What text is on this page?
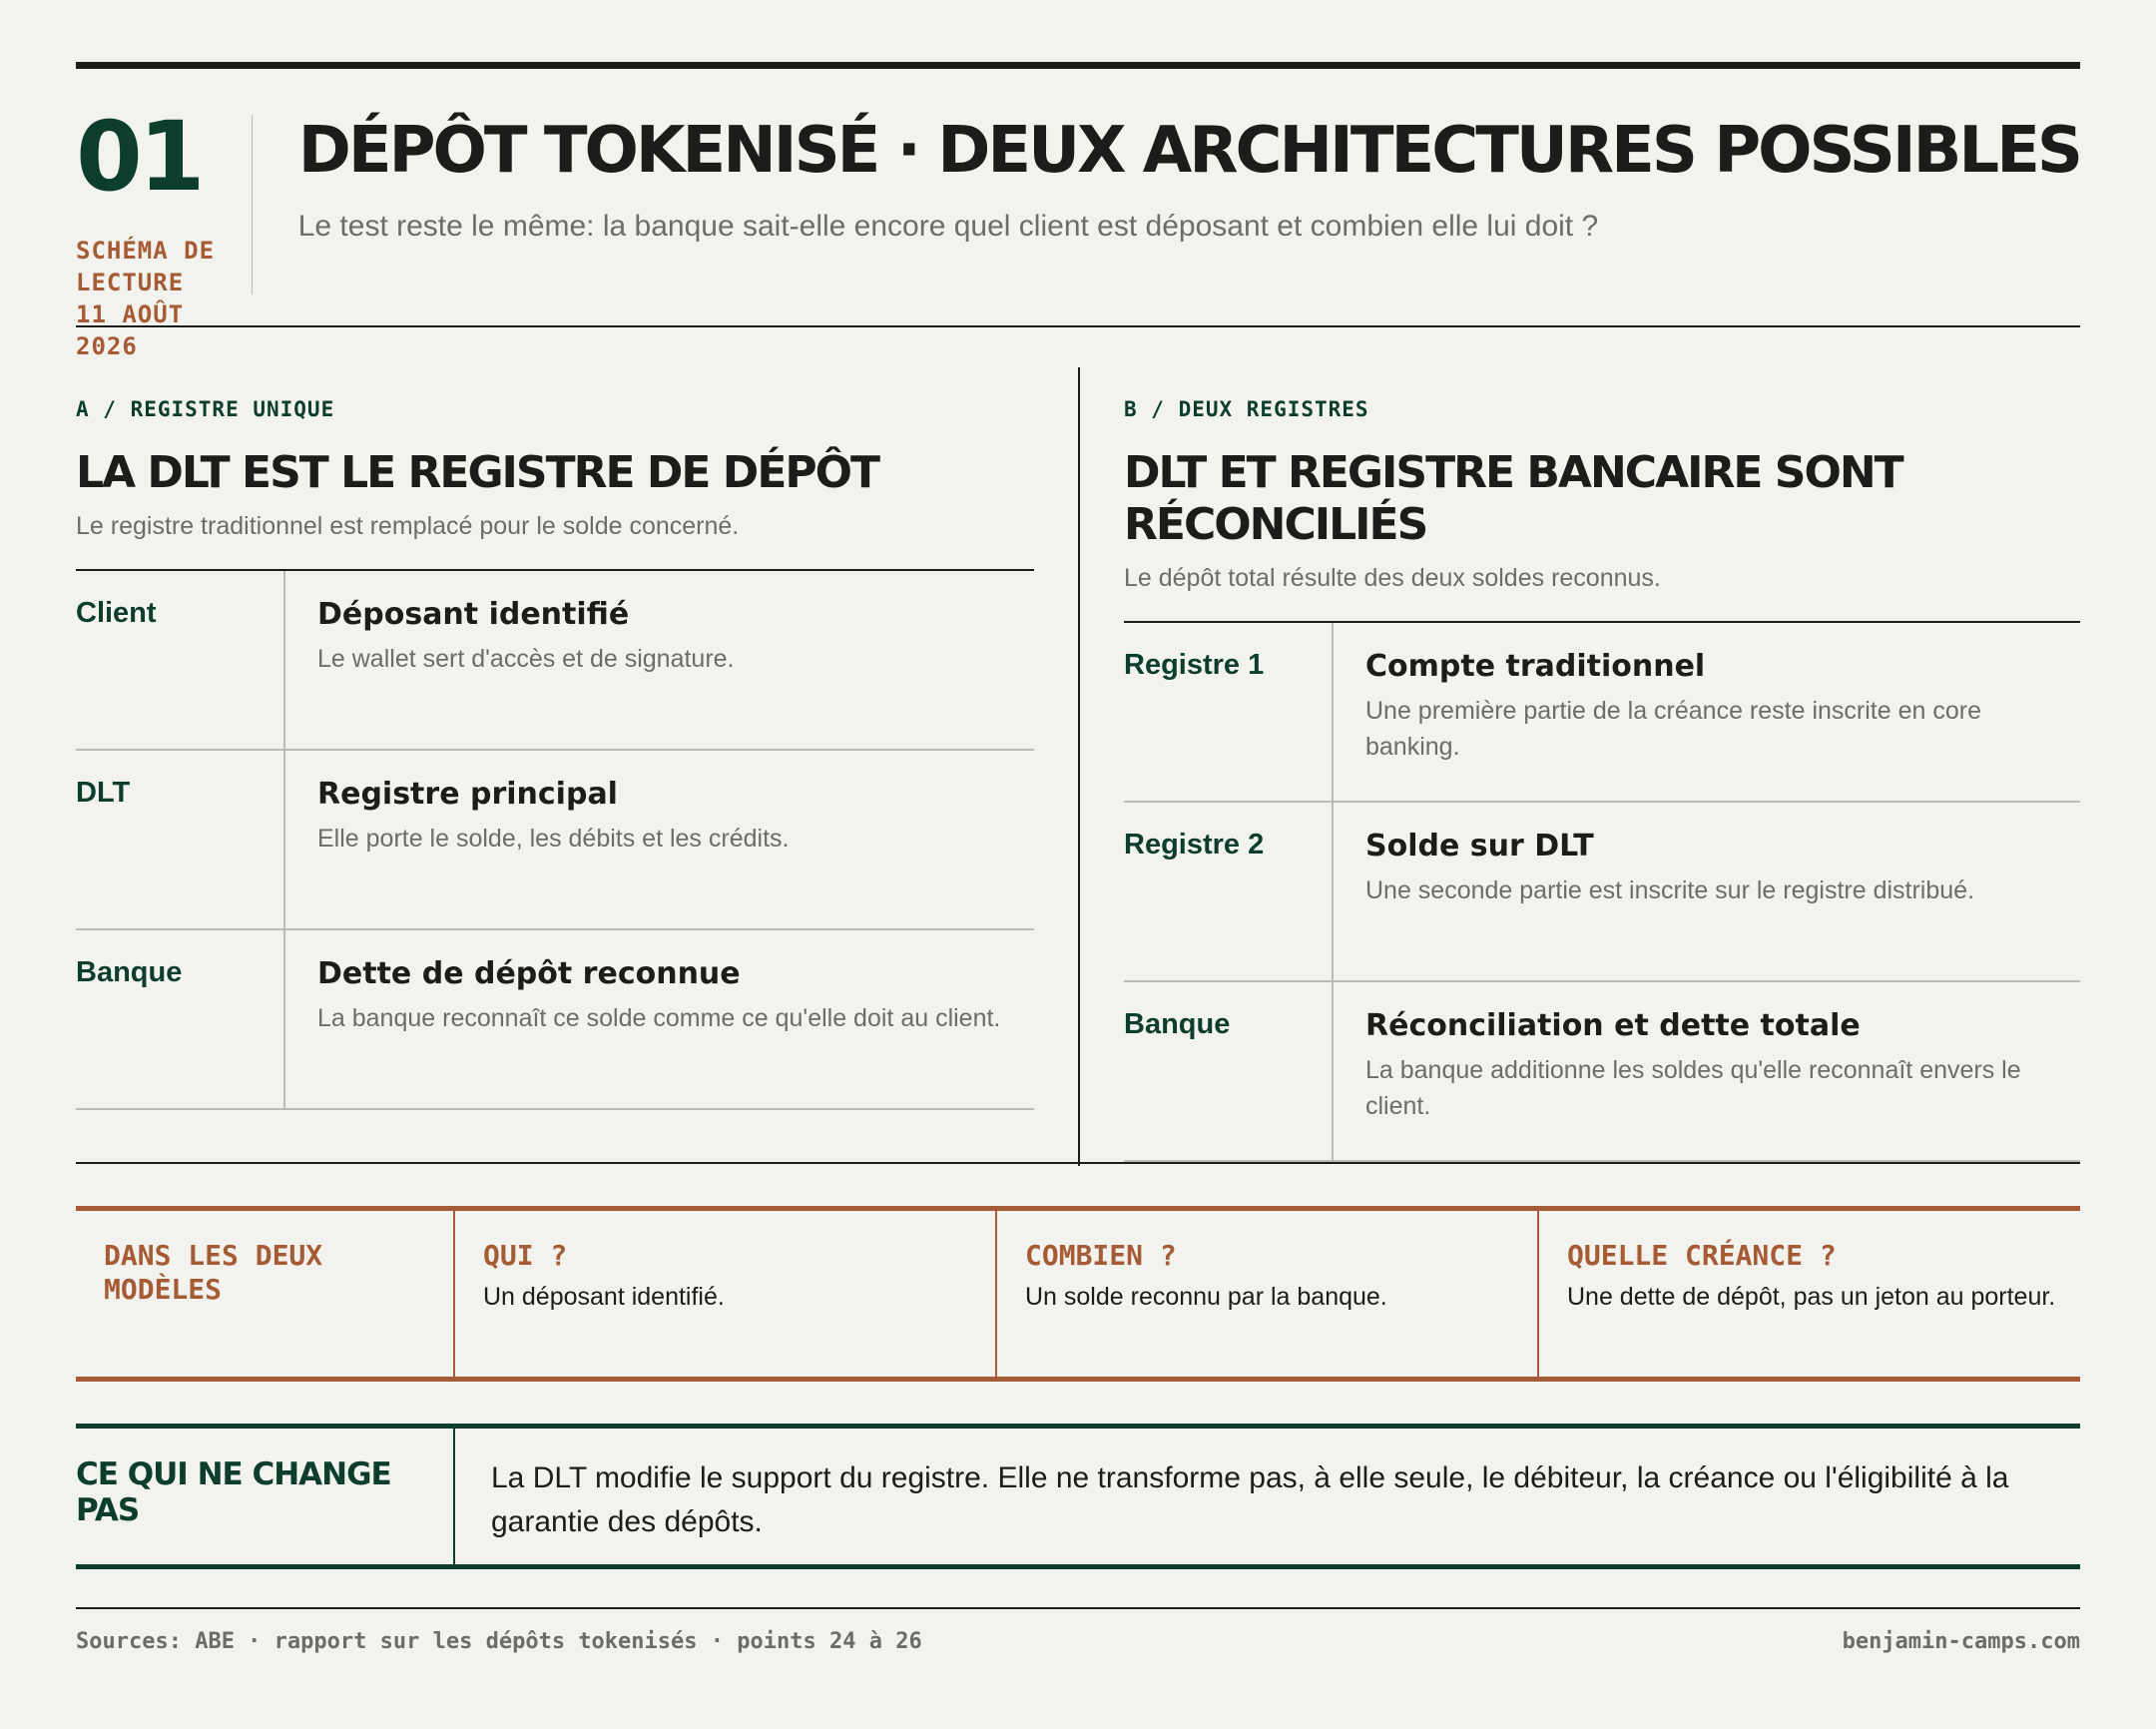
01
SCHÉMA DE LECTURE
11 AOÛT 2026
DÉPÔT TOKENISÉ · DEUX ARCHITECTURES POSSIBLES

Le test reste le même: la banque sait-elle encore quel client est déposant et combien elle lui doit ?

A / REGISTRE UNIQUE
LA DLT EST LE REGISTRE DE DÉPÔT

Le registre traditionnel est remplacé pour le solde concerné.

Client	Déposant identifié
Le wallet sert d'accès et de signature.
DLT	Registre principal
Elle porte le solde, les débits et les crédits.
Banque	Dette de dépôt reconnue
La banque reconnaît ce solde comme ce qu'elle doit au client.
B / DEUX REGISTRES
DLT ET REGISTRE BANCAIRE SONT RÉCONCILIÉS

Le dépôt total résulte des deux soldes reconnus.

Registre 1	Compte traditionnel
Une première partie de la créance reste inscrite en core banking.
Registre 2	Solde sur DLT
Une seconde partie est inscrite sur le registre distribué.
Banque	Réconciliation et dette totale
La banque additionne les soldes qu'elle reconnaît envers le client.
DANS LES DEUX MODÈLES
QUI ?
Un déposant identifié.
COMBIEN ?
Un solde reconnu par la banque.
QUELLE CRÉANCE ?
Une dette de dépôt, pas un jeton au porteur.
CE QUI NE CHANGE PAS
La DLT modifie le support du registre. Elle ne transforme pas, à elle seule, le débiteur, la créance ou l'éligibilité à la garantie des dépôts.
Sources: ABE · rapport sur les dépôts tokenisés · points 24 à 26	benjamin-camps.com
